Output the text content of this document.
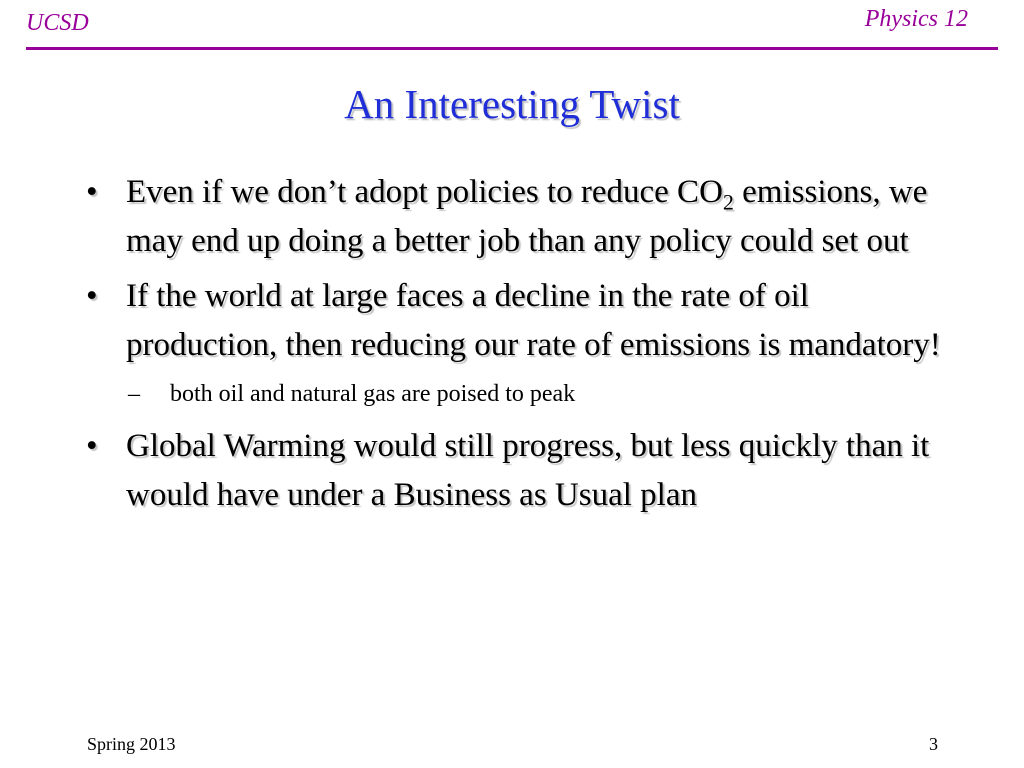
UCSD	Physics 12
An Interesting Twist
• Even if we don’t adopt policies to reduce $CO_2$ emissions, we may end up doing a better job than any policy could set out
• If the world at large faces a decline in the rate of oil production, then reducing our rate of emissions is mandatory!
– both oil and natural gas are poised to peak
• Global Warming would still progress, but less quickly than it would have under a Business as Usual plan
Spring 2013	3
